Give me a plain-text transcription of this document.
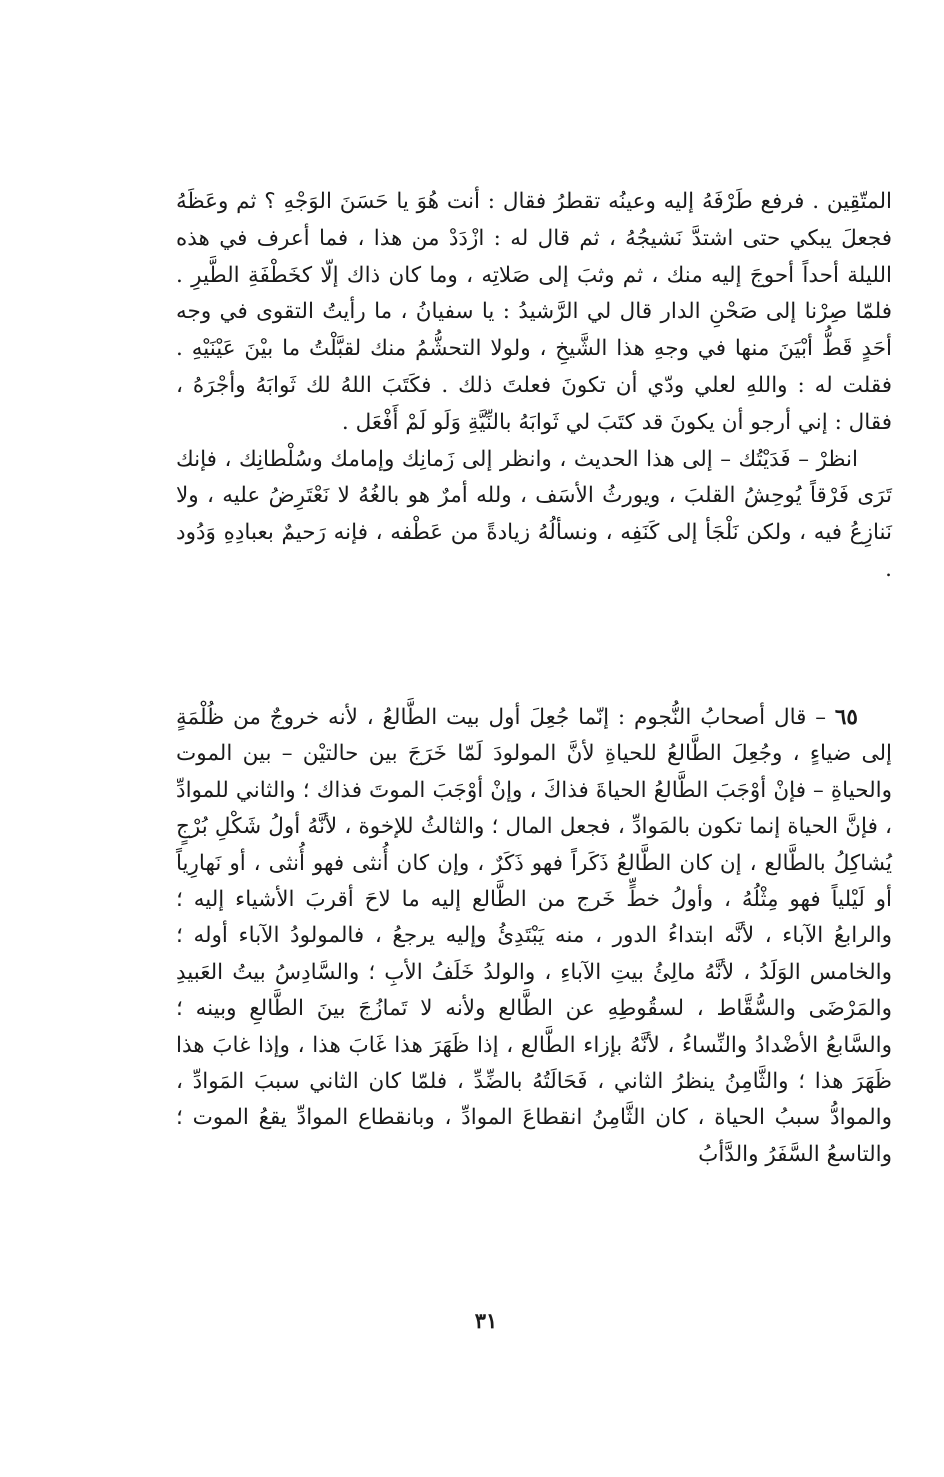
المتّقِين . فرفع طَرْفَهُ إليه وعينُه تقطرُ فقال : أنت هُوَ يا حَسَنَ الوَجْهِ ؟ ثم وعَظَهُ فجعلَ يبكي حتى اشتدَّ نَشيجُهُ ، ثم قال له : ازْدَدْ من هذا ، فما أعرف في هذه الليلة أحداً أحوجَ إليه منك ، ثم وثبَ إلى صَلاتِه ، وما كان ذاك إلّا كخَطْفَةِ الطَّيرِ . فلمّا صِرْنا إلى صَحْنِ الدار قال لي الرَّشيدُ : يا سفيانُ ، ما رأيتُ التقوى في وجه أحَدٍ قَطُّ أبْيَنَ منها في وجهِ هذا الشَّيخِ ، ولولا التحشُّمُ منك لقبَّلْتُ ما بيْنَ عَيْنَيْهِ . فقلت له : واللهِ لعلي ودّي أن تكونَ فعلتَ ذلك . فكَتَبَ اللهُ لك ثَوابَهُ وأجْرَهُ ، فقال : إني أرجو أن يكونَ قد كتَبَ لي ثَوابَهُ بالنِّيَّةِ وَلَو لَمْ أَفْعَل .

انظرْ – فَدَيْتُك – إلى هذا الحديث ، وانظر إلى زَمانِك وإمامك وسُلْطانِك ، فإنك تَرَى فَرْقاً يُوحِشُ القلبَ ، ويورثُ الأسَف ، ولله أمرٌ هو بالغُهُ لا نَعْتَرِضُ عليه ، ولا نَنازِعُ فيه ، ولكن نَلْجَأ إلى كَنَفِه ، ونسألُهُ زيادةً من عَطْفه ، فإنه رَحيمٌ بعبادِهِ وَدُود .

٦٥ – قال أصحابُ النُّجوم : إنّما جُعِلَ أول بيت الطَّالعُ ، لأنه خروجٌ من ظُلْمَةٍ إلى ضياءٍ ، وجُعِلَ الطَّالعُ للحياةِ لأنَّ المولودَ لَمّا خَرَجَ بين حالتيْن – بين الموت والحياةِ – فإنْ أوْجَبَ الطَّالعُ الحياةَ فذاكَ ، وإنْ أوْجَبَ الموتَ فذاك ؛ والثاني للموادِّ ، فإنَّ الحياة إنما تكون بالمَوادِّ ، فجعل المال ؛ والثالثُ للإخوة ، لأنَّهُ أولُ شَكْلِ بُرْجٍ يُشاكِلُ بالطَّالع ، إن كان الطَّالعُ ذَكَراً فهو ذَكَرٌ ، وإن كان أُنثى فهو أُنثى ، أو نَهارِياً أو لَيْلياً فهو مِثْلُهُ ، وأولُ خطٍّ خَرج من الطَّالع إليه ما لاحَ أقربَ الأشياء إليه ؛ والرابعُ الآباء ، لأنَّه ابتداءُ الدور ، منه يَبْتَدِئُ وإليه يرجعُ ، فالمولودُ الآباء أوله ؛ والخامس الوَلَدُ ، لأنَّهُ مالِئُ بيتِ الآباءِ ، والولدُ خَلَفُ الأبِ ؛ والسَّادِسُ بيتُ العَبيدِ والمَرْضَى والسُّقَّاط ، لسقُوطِهِ عن الطَّالع ولأنه لا تَمازُجَ بينَ الطَّالعِ وبينه ؛ والسَّابعُ الأضْدادُ والنِّساءُ ، لأنَّهُ بإزاء الطَّالع ، إذا ظَهَرَ هذا غَابَ هذا ، وإذا غابَ هذا ظَهَرَ هذا ؛ والثَّامِنُ ينظرُ الثاني ، فَحَالَتُهُ بالضِّدِّ ، فلمّا كان الثاني سببَ المَوادِّ ، والموادُّ سببُ الحياة ، كان الثَّامِنُ انقطاعَ الموادِّ ، وبانقطاع الموادِّ يقعُ الموت ؛ والتاسعُ السَّفَرُ والدَّأبُ

٣١
